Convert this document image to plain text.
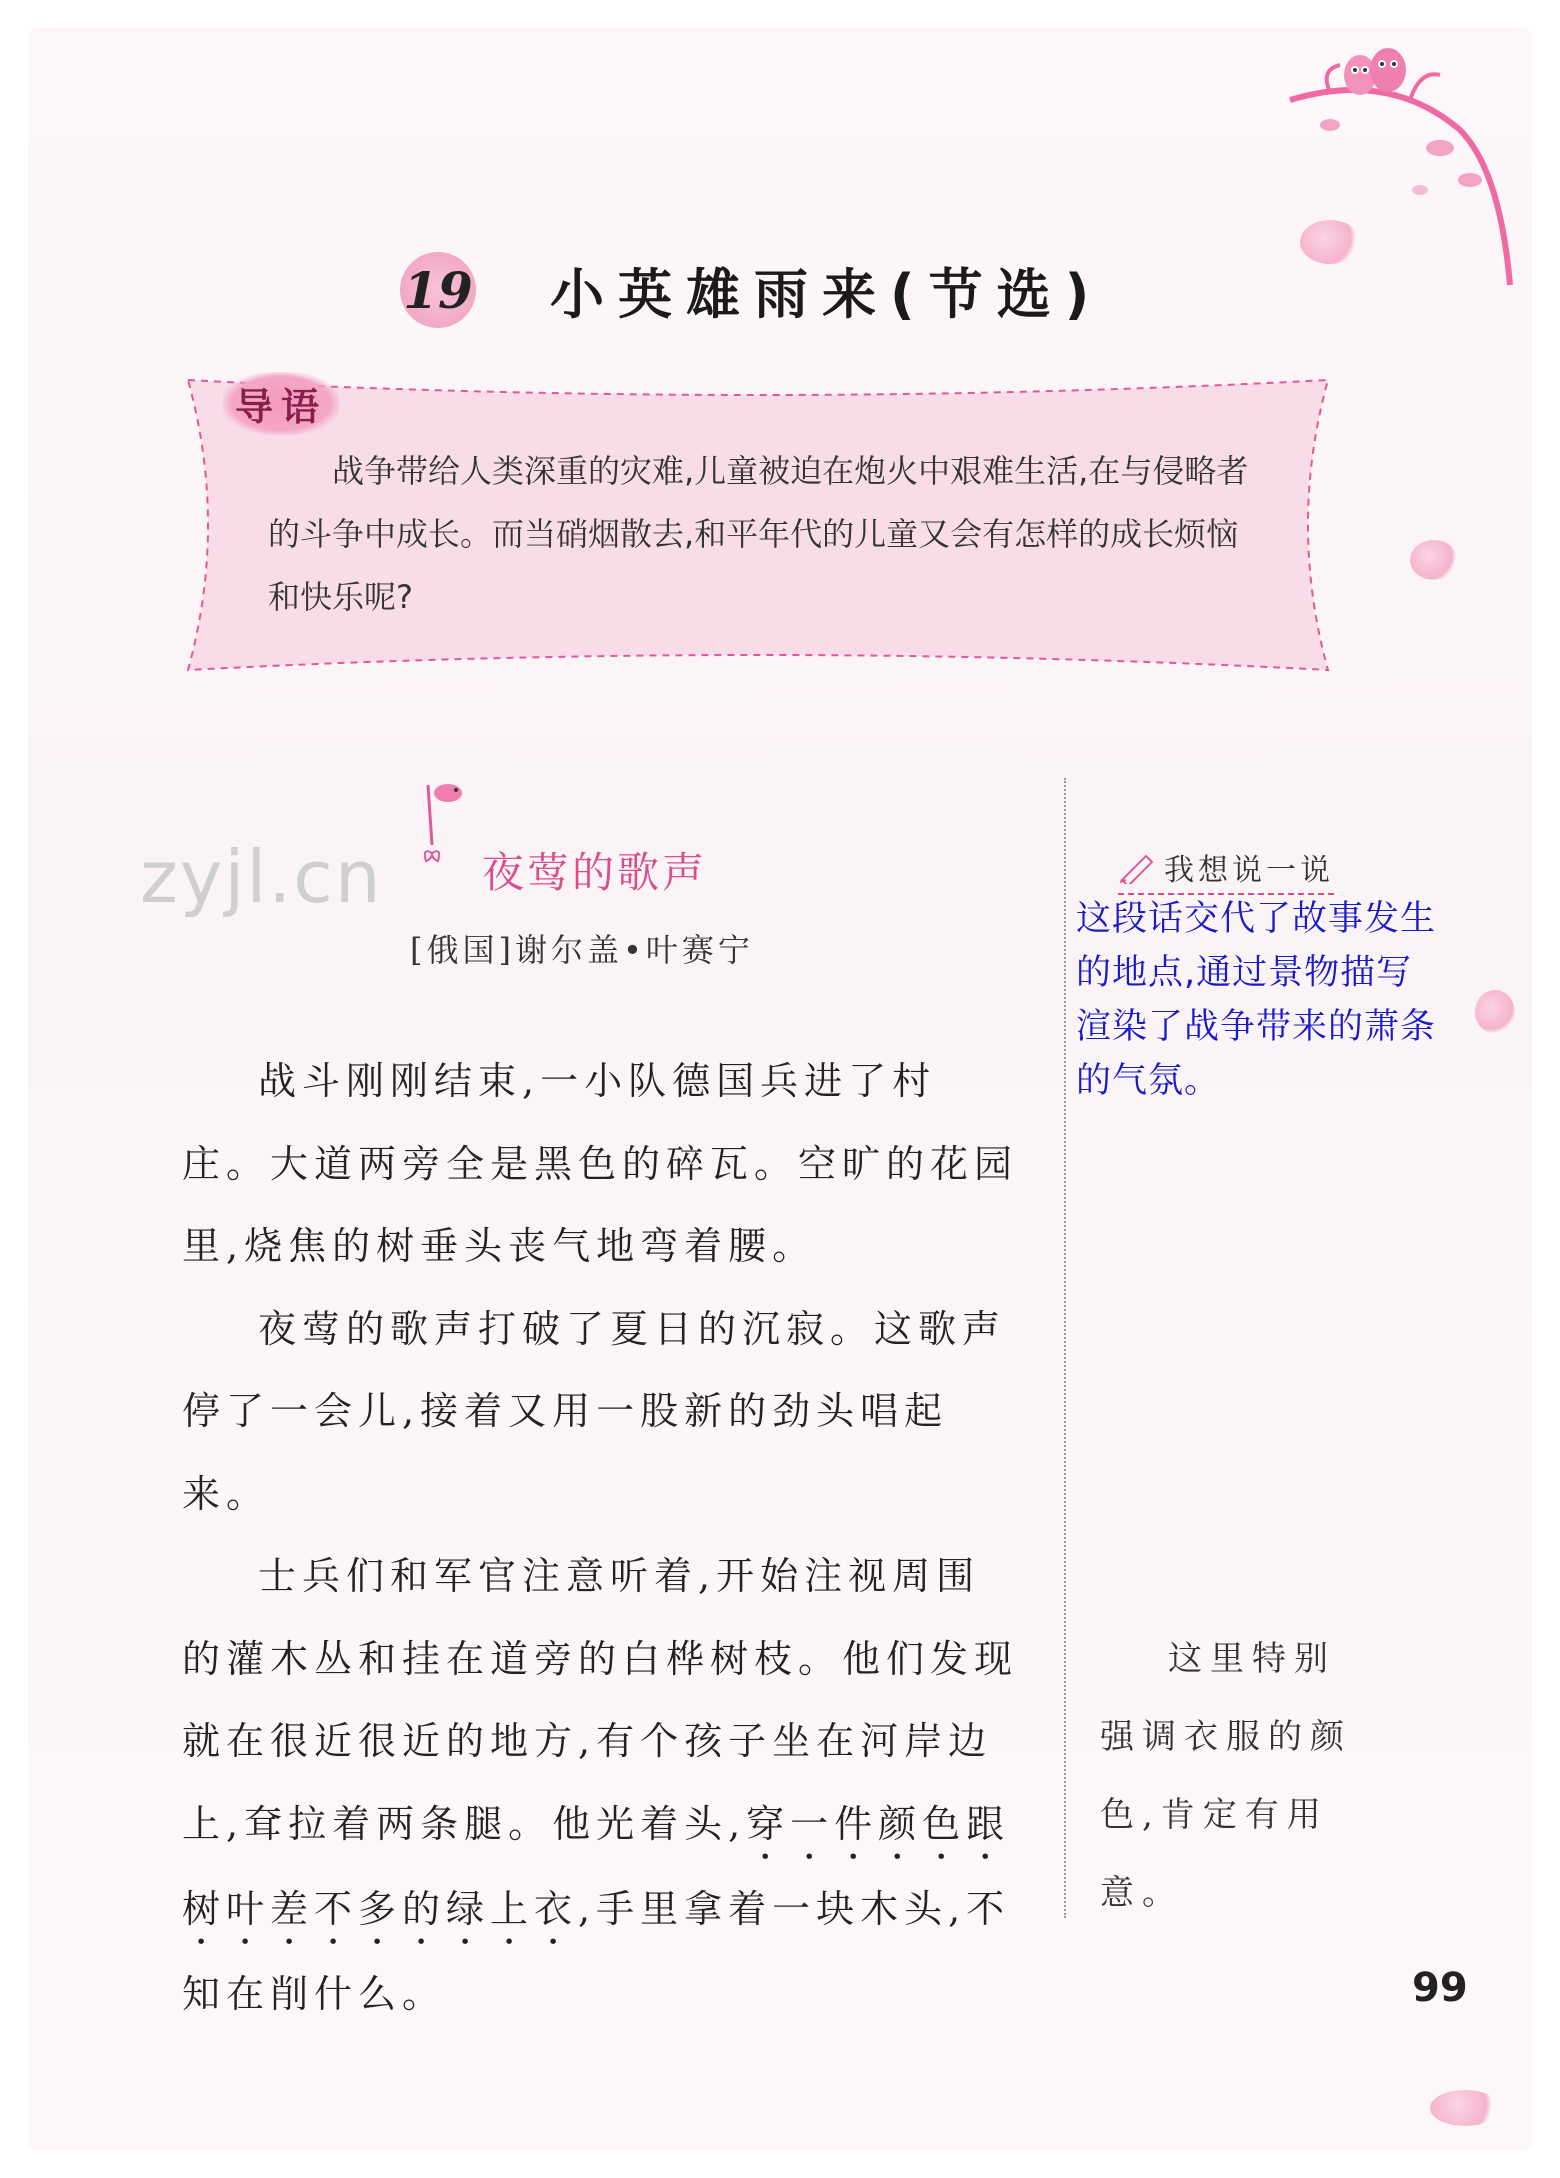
19 小英雄雨来(节选)
导语
战争带给人类深重的灾难,儿童被迫在炮火中艰难生活,在与侵略者的斗争中成长。而当硝烟散去,和平年代的儿童又会有怎样的成长烦恼和快乐呢?
zyjl.cn 夜莺的歌声
[俄国]谢尔盖•叶赛宁

战斗刚刚结束,一小队德国兵进了村庄。大道两旁全是黑色的碎瓦。空旷的花园里,烧焦的树垂头丧气地弯着腰。

夜莺的歌声打破了夏日的沉寂。这歌声停了一会儿,接着又用一股新的劲头唱起来。

士兵们和军官注意听着,开始注视周围的灌木丛和挂在道旁的白桦树枝。他们发现就在很近很近的地方,有个孩子坐在河岸边上,耷拉着两条腿。他光着头,穿一件颜色跟树叶差不多的绿上衣,手里拿着一块木头,不知在削什么。

我想说一说
这段话交代了故事发生的地点,通过景物描写渲染了战争带来的萧条的气氛。
这里特别
强调衣服的颜
色,肯定有用
意。
99
